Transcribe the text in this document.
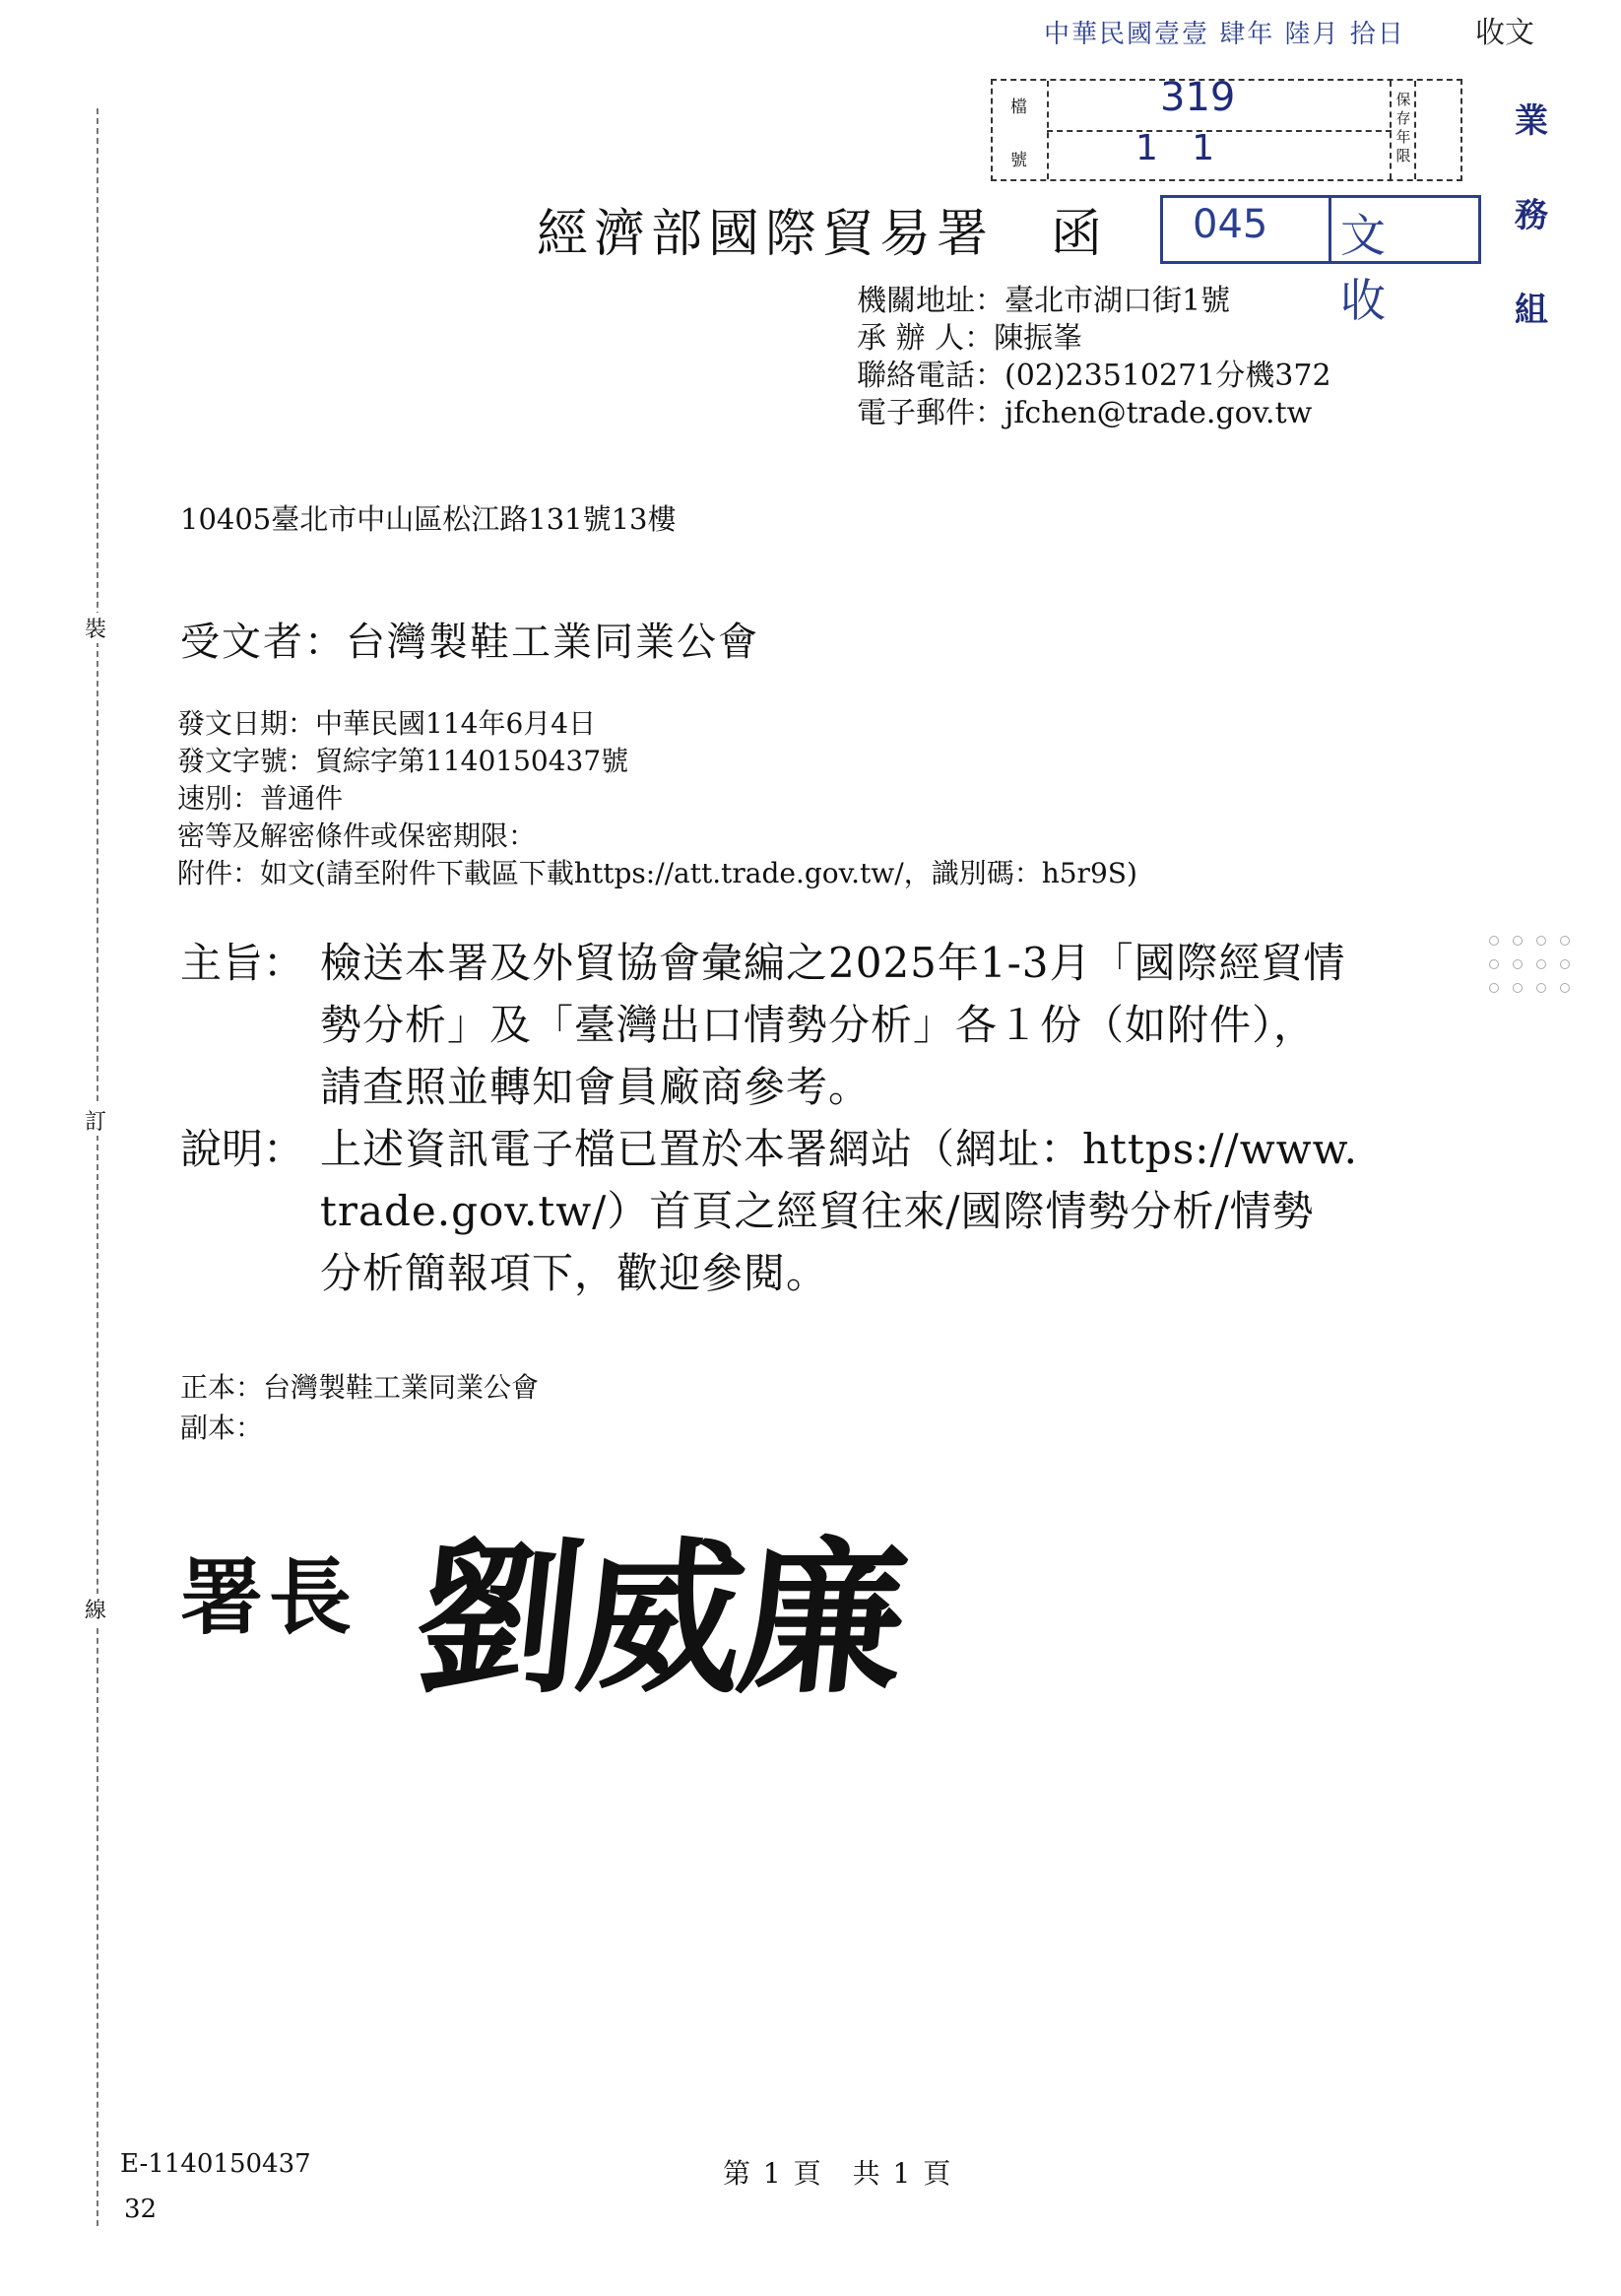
裝
訂
線
中華民國壹壹 肆年 陸月 拾日 收文
業
務
組
檔
號
保存年限
319
1   1
經濟部國際貿易署　函 045 文收
機關地址：臺北市湖口街1號
承 辦 人：陳振峯
聯絡電話：(02)23510271分機372
電子郵件：jfchen@trade.gov.tw
10405臺北市中山區松江路131號13樓
受文者：台灣製鞋工業同業公會
發文日期：中華民國114年6月4日
發文字號：貿綜字第1140150437號
速別：普通件
密等及解密條件或保密期限：
附件：如文(請至附件下載區下載https://att.trade.gov.tw/，識別碼：h5r9S)
主旨： 檢送本署及外貿協會彙編之2025年1-3月「國際經貿情
勢分析」及「臺灣出口情勢分析」各１份（如附件），
請查照並轉知會員廠商參考。
說明： 上述資訊電子檔已置於本署網站（網址：https://www.
trade.gov.tw/）首頁之經貿往來/國際情勢分析/情勢
分析簡報項下，歡迎參閱。
正本：台灣製鞋工業同業公會
副本：
署長 劉威廉

E-1140150437
32
第 1 頁　共 1 頁
